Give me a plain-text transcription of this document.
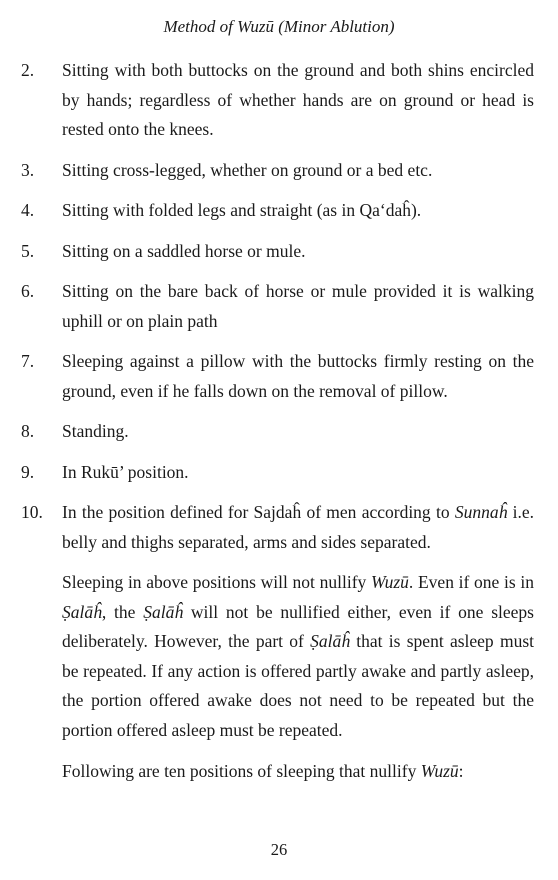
Method of Wuzū (Minor Ablution)
2. Sitting with both buttocks on the ground and both shins encircled by hands; regardless of whether hands are on ground or head is rested onto the knees.
3. Sitting cross-legged, whether on ground or a bed etc.
4. Sitting with folded legs and straight (as in Qa‘daĥ).
5. Sitting on a saddled horse or mule.
6. Sitting on the bare back of horse or mule provided it is walking uphill or on plain path
7. Sleeping against a pillow with the buttocks firmly resting on the ground, even if he falls down on the removal of pillow.
8. Standing.
9. In Rukū’ position.
10. In the position defined for Sajdaĥ of men according to Sunnaĥ i.e. belly and thighs separated, arms and sides separated.
Sleeping in above positions will not nullify Wuzū. Even if one is in Ṣalāĥ, the Ṣalāĥ will not be nullified either, even if one sleeps deliberately. However, the part of Ṣalāĥ that is spent asleep must be repeated. If any action is offered partly awake and partly asleep, the portion offered awake does not need to be repeated but the portion offered asleep must be repeated.
Following are ten positions of sleeping that nullify Wuzū:
26
